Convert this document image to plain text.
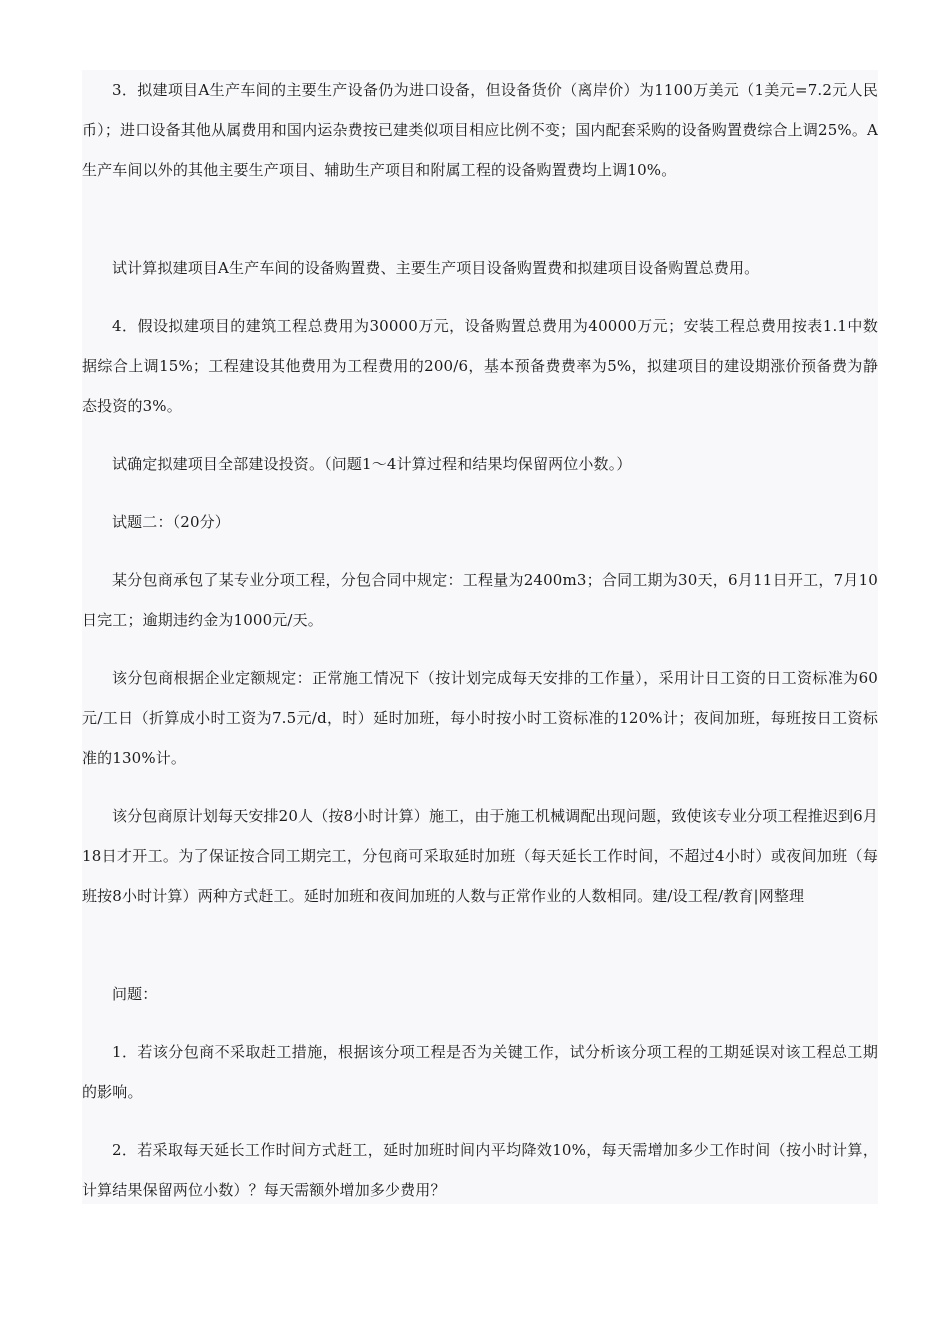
3．拟建项目A生产车间的主要生产设备仍为进口设备，但设备货价（离岸价）为1100万美元（1美元=7.2元人民币）；进口设备其他从属费用和国内运杂费按已建类似项目相应比例不变；国内配套采购的设备购置费综合上调25%。A生产车间以外的其他主要生产项目、辅助生产项目和附属工程的设备购置费均上调10%。

试计算拟建项目A生产车间的设备购置费、主要生产项目设备购置费和拟建项目设备购置总费用。

4．假设拟建项目的建筑工程总费用为30000万元，设备购置总费用为40000万元；安装工程总费用按表1.1中数据综合上调15%；工程建设其他费用为工程费用的200/6，基本预备费费率为5%，拟建项目的建设期涨价预备费为静态投资的3%。

试确定拟建项目全部建设投资。（问题1～4计算过程和结果均保留两位小数。）

试题二：（20分）

某分包商承包了某专业分项工程，分包合同中规定：工程量为2400m3；合同工期为30天，6月11日开工，7月10日完工；逾期违约金为1000元/天。

该分包商根据企业定额规定：正常施工情况下（按计划完成每天安排的工作量），采用计日工资的日工资标准为60元/工日（折算成小时工资为7.5元/d，时）延时加班，每小时按小时工资标准的120%计；夜间加班，每班按日工资标准的130%计。

该分包商原计划每天安排20人（按8小时计算）施工，由于施工机械调配出现问题，致使该专业分项工程推迟到6月18日才开工。为了保证按合同工期完工，分包商可采取延时加班（每天延长工作时间，不超过4小时）或夜间加班（每班按8小时计算）两种方式赶工。延时加班和夜间加班的人数与正常作业的人数相同。建/设工程/教育|网整理

问题：

1．若该分包商不采取赶工措施，根据该分项工程是否为关键工作，试分析该分项工程的工期延误对该工程总工期的影响。

2．若采取每天延长工作时间方式赶工，延时加班时间内平均降效10%，每天需增加多少工作时间（按小时计算，计算结果保留两位小数）？每天需额外增加多少费用？
